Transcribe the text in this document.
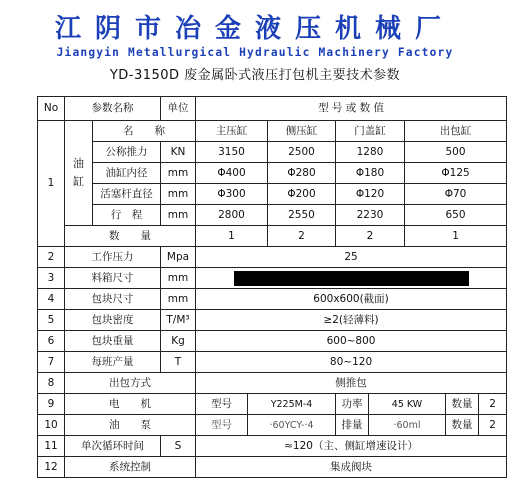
江阴市冶金液压机械厂
Jiangyin Metallurgical Hydraulic Machinery Factory
YD-3150D 废金属卧式液压打包机主要技术参数
No	参数名称		单位	型 号 或 数 值							
1	油缸	名　　称		主压缸		侧压缸	门盖缸		出包缸		
		公称推力	KN	3150		2500	1280		500		
		油缸内径	mm	Φ400		Φ280	Φ180		Φ125		
		活塞杆直径	mm	Φ300		Φ200	Φ120		Φ70		
		行　程	mm	2800		2550	2230		650		
	数　　量			1		2	2		1		
2	工作压力		Mpa	25							
3	料箱尺寸		mm								
4	包块尺寸		mm	600x600(截面)							
5	包块密度		T/M³	≥2(轻薄料)							
6	包块重量		Kg	600~800							
7	每班产量		T	80~120							
8	出包方式			侧推包							
9	电　　机			型号	Y225M-4		功率	45 KW		数量	2
10	油　　泵			型号	·60YCY-·4		排量	·60ml		数量	2
11	单次循环时间		S	≈120（主、侧缸增速设计）							
12	系统控制			集成阀块							
